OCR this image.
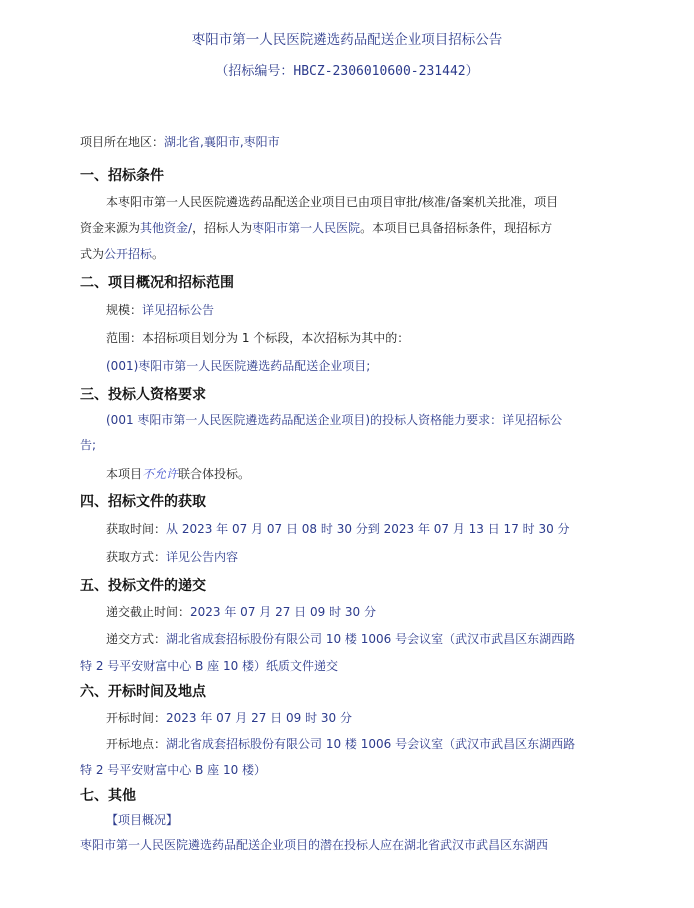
枣阳市第一人民医院遴选药品配送企业项目招标公告
（招标编号：HBCZ-2306010600-231442）
项目所在地区：湖北省,襄阳市,枣阳市
一、招标条件
本枣阳市第一人民医院遴选药品配送企业项目已由项目审批/核准/备案机关批准，项目
资金来源为其他资金/，招标人为枣阳市第一人民医院。本项目已具备招标条件，现招标方
式为公开招标。
二、项目概况和招标范围
规模：详见招标公告
范围：本招标项目划分为 1 个标段，本次招标为其中的：
(001)枣阳市第一人民医院遴选药品配送企业项目;
三、投标人资格要求
(001 枣阳市第一人民医院遴选药品配送企业项目)的投标人资格能力要求：详见招标公
告;
本项目不允许联合体投标。
四、招标文件的获取
获取时间：从 2023 年 07 月 07 日 08 时 30 分到 2023 年 07 月 13 日 17 时 30 分
获取方式：详见公告内容
五、投标文件的递交
递交截止时间：2023 年 07 月 27 日 09 时 30 分
递交方式：湖北省成套招标股份有限公司 10 楼 1006 号会议室（武汉市武昌区东湖西路
特 2 号平安财富中心 B 座 10 楼）纸质文件递交
六、开标时间及地点
开标时间：2023 年 07 月 27 日 09 时 30 分
开标地点：湖北省成套招标股份有限公司 10 楼 1006 号会议室（武汉市武昌区东湖西路
特 2 号平安财富中心 B 座 10 楼）
七、其他
【项目概况】
枣阳市第一人民医院遴选药品配送企业项目的潜在投标人应在湖北省武汉市武昌区东湖西
